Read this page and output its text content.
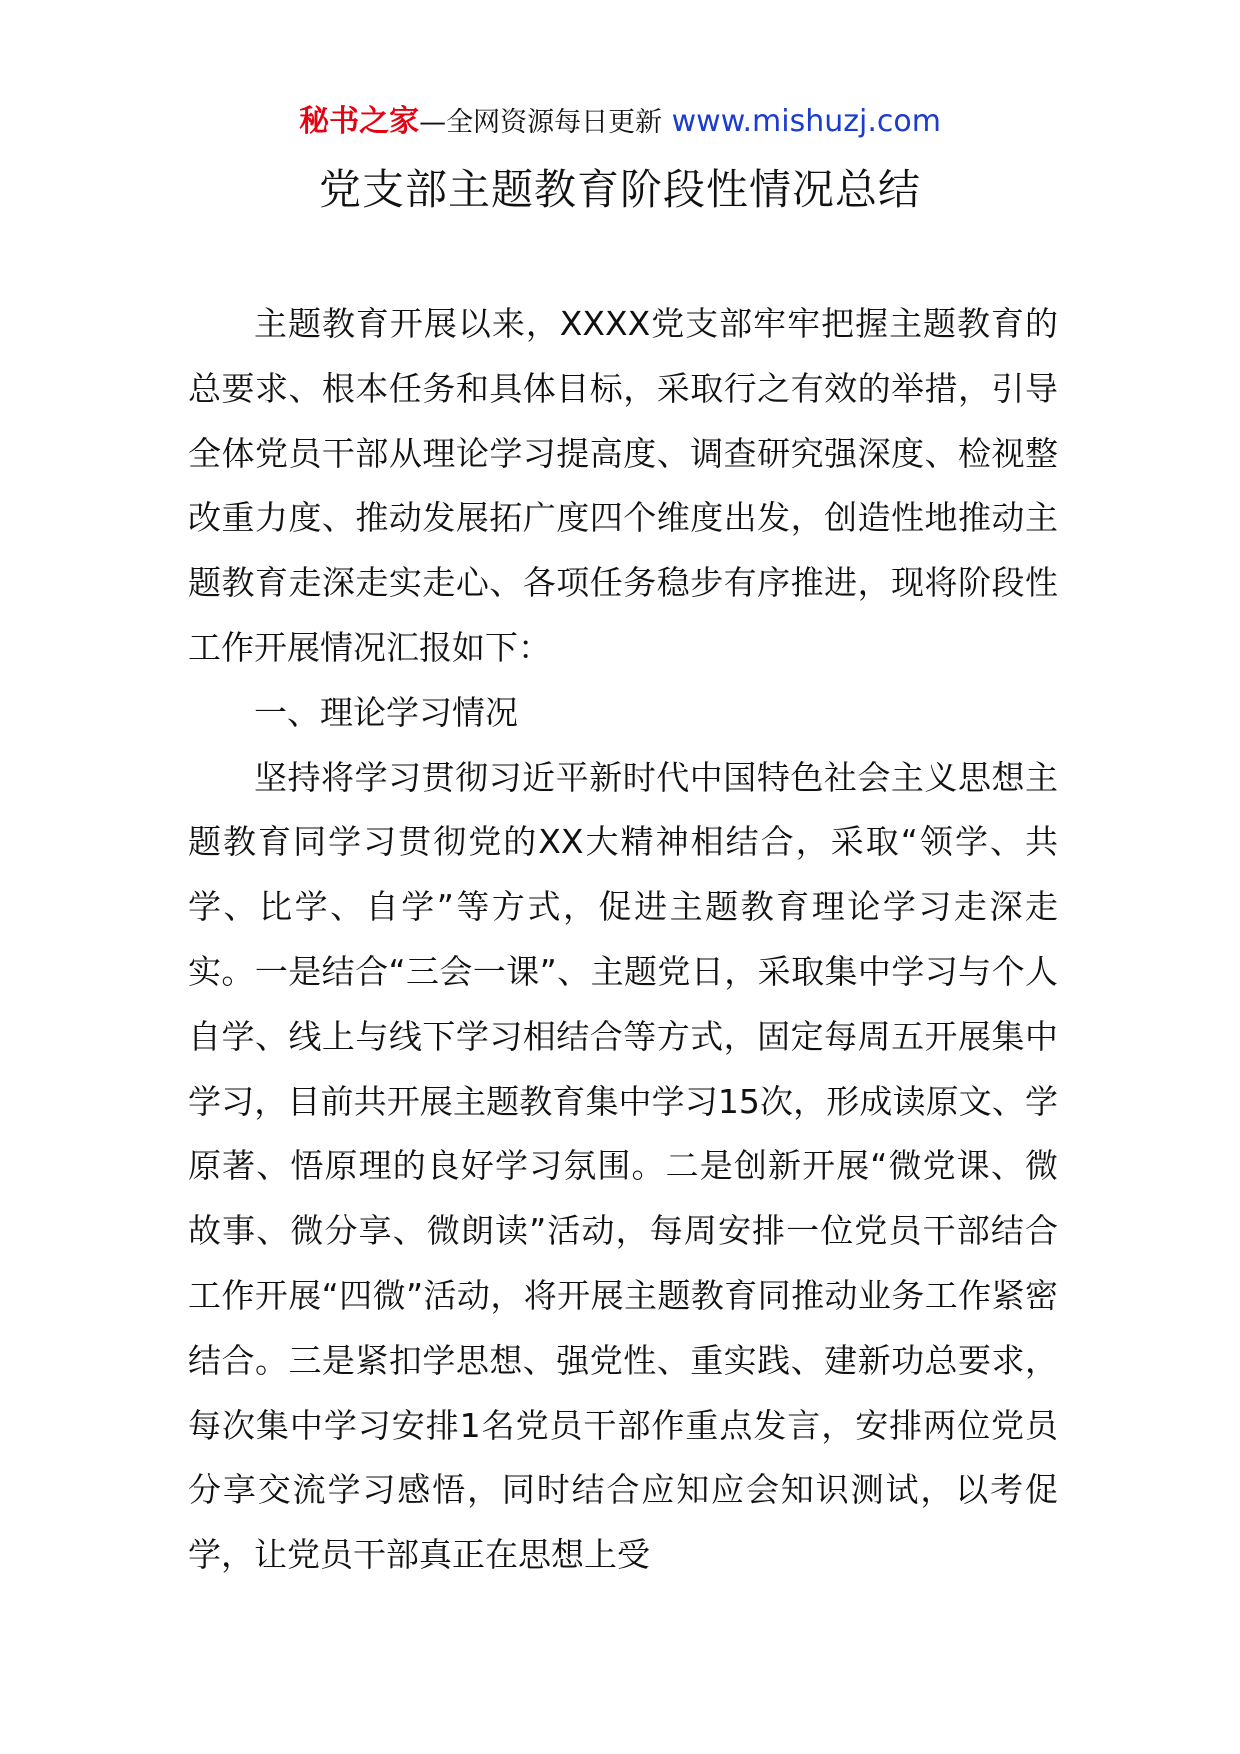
秘书之家—全网资源每日更新 www.mishuzj.com
党支部主题教育阶段性情况总结

主题教育开展以来，XXXX党支部牢牢把握主题教育的总要求、根本任务和具体目标，采取行之有效的举措，引导全体党员干部从理论学习提高度、调查研究强深度、检视整改重力度、推动发展拓广度四个维度出发，创造性地推动主题教育走深走实走心、各项任务稳步有序推进，现将阶段性工作开展情况汇报如下：

一、理论学习情况

坚持将学习贯彻习近平新时代中国特色社会主义思想主题教育同学习贯彻党的XX大精神相结合，采取“领学、共学、比学、自学”等方式，促进主题教育理论学习走深走实。一是结合“三会一课”、主题党日，采取集中学习与个人自学、线上与线下学习相结合等方式，固定每周五开展集中学习，目前共开展主题教育集中学习15次，形成读原文、学原著、悟原理的良好学习氛围。二是创新开展“微党课、微故事、微分享、微朗读”活动，每周安排一位党员干部结合工作开展“四微”活动，将开展主题教育同推动业务工作紧密结合。三是紧扣学思想、强党性、重实践、建新功总要求，每次集中学习安排1名党员干部作重点发言，安排两位党员分享交流学习感悟，同时结合应知应会知识测试，以考促学，让党员干部真正在思想上受
